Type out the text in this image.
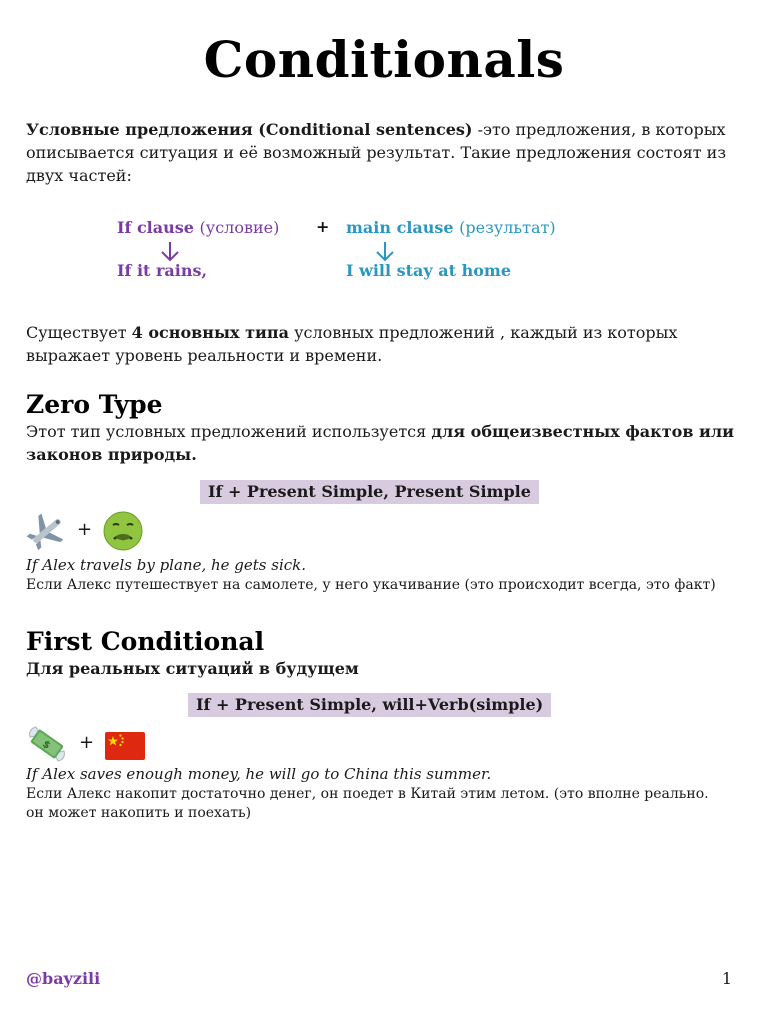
Conditionals
Условные предложения (Conditional sentences) -это предложения, в которых описывается ситуация и её возможный результат. Такие предложения состоят из двух частей:
If clause (условие) + main clause (результат)
If it rains,	I will stay at home
Существует 4 основных типа условных предложений , каждый из которых выражает уровень реальности и времени.
Zero Type
Этот тип условных предложений используется для общеизвестных фактов или законов природы.
If + Present Simple, Present Simple
+
If Alex travels by plane, he gets sick.
Если Алекс путешествует на самолете, у него укачивание (это происходит всегда, это факт)
First Conditional
Для реальных ситуаций в будущем
If + Present Simple, will+Verb(simple)
$ +
If Alex saves enough money, he will go to China this summer.
Если Алекс накопит достаточно денег, он поедет в Китай этим летом. (это вполне реально. он может накопить и поехать)
@bayzili	1
